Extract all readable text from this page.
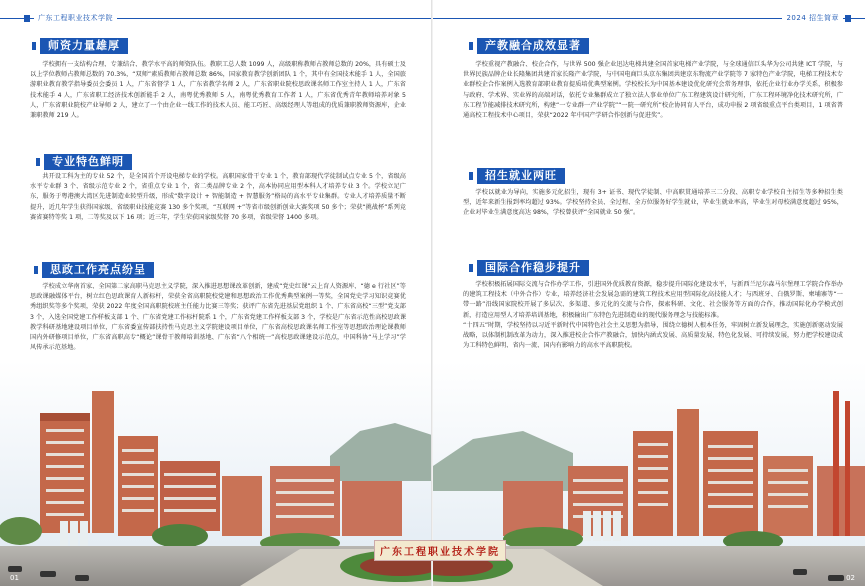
广东工程职业技术学院
师资力量雄厚

学校拥有一支结构合理、专兼结合、教学水平高的师资队伍。教职工总人数 1099 人，高级职称教师占教师总数的 20%，具有硕士及以上学位教师占教师总数的 70.3%，“双师”素质教师占教师总数 86%，国家教育教学创新团队 1 个，其中有全国技术能手 1 人，全国旅游职业教育教学指导委员会委员 1 人，广东省督学 1 人，广东省教学名师 2 人，广东省职业院校思政课名师工作室主持人 1 人，广东省技术能手 4 人，广东省职工经济技术创新能手 2 人，南粤优秀教师 5 人，南粤优秀教育工作者 1 人，广东省优秀青年教师培养对象 5 人，广东省职业院校产业导师 2 人，建立了一个由企业一线工作的技术人员、能工巧匠、高级经理人等组成的优质兼职教师资源库，企业兼职教师 219 人。

专业特色鲜明

共开设工科为主的专业 52 个，是全国首个开设电梯专业的学校。高职国家骨干专业 1 个，教育部现代学徒制试点专业 5 个，省级高水平专业群 3 个、省级示范专业 2 个，省重点专业 1 个，省二类品牌专业 2 个，高本协同应用型本科人才培养专业 3 个。学校立足广东，服务于粤港澳大湾区先进制造业转型升级，形成“数字设计 + 智能制造 + 智慧服务”格局的高水平专业集群。专业人才培养质量不断提升，近几年学生获得国家级、省级职业技能竞赛 130 多个奖项，“互联网 +”等省市级创新创业大赛奖项 50 多个；荣获“挑战杯”系列竞赛省赛特等奖 1 项，二等奖及以下 16 项；近三年，学生荣获国家级奖督 70 多项，省级荣督 1400 多项。

思政工作亮点纷呈

学校成立华南首家、全国第二家高职马克思主义学院，深入推进思想课改革创新，建成“党史红课”云上育人资源库、“德 e 行社区”等思政课融媒体平台，树立红色思政课育人新标杆，荣获全省高职院校党建和思想政治工作优秀典型案例一等奖，全国党史学习知识竞赛优秀组织奖等多个奖项，荣获 2022 年度全国高职院校班主任能力比赛三等奖；获评广东省先进基层党组织 1 个、广东省高校“三型”党支部 3 个，入选全国党建工作样板支部 1 个、广东省党建工作标杆院系 1 个，广东省党建工作样板支部 3 个，学校是广东省示范性高校思政课教学科研基地建设项目单位，广东省委宣传部扶持性马克思主义学院建设项目单位，广东省高校思政课名师工作室等思想政治理论课教师国内外研修项目单位，广东省高职高专“概论”课骨干教师培训基地、广东省“八个相统一”高校思政课建设示范点，中国科协“马上学习”学风传承示范基地。

01
2024 招生简章
产教融合成效显著

学校重视产教融合、校企合作，与世界 500 强企业迅达电梯共建全国首家电梯产业学院，与全球通信巨头华为公司共建 ICT 学院，与世界民族品牌企业长隆集团共建首家长隆产业学院，与中国电商巨头京东集团共建京东物流产业学院等 7 家特色产业学院，电梯工程技术专业群校企合作案例入选教育部职业教育提质培优典型案例。学校校长为中国基本建设优化研究会常务理事，依托企业行业办学关系，积极参与政府、学术界、实业界的高端对话，依托专业集群成立了独立法人事业单位广东工程建筑设计研究所，广东工程环境净化技术研究所，广东工程节能减排技术研究所，构建“一专业群一产业学院”“一院一研究所”校企协同育人平台，成功申报 2 项省级重点平台类项目，1 项省普通高校工程技术中心项目，荣获“2022 年中国产学研合作创新与促进奖”。

招生就业两旺

学校以就业为导向，实施多元化招生，现有 3+ 证书、现代学徒制、中高职贯通培养三二分段、高职专业学校自主招生等多种招生类型，近年来新生报到率均超过 93%。学校坚持全员、全过程、全方位服务好学生就业，毕业生就业率高，毕业生对母校满意度超过 95%，企业对毕业生满意度高达 98%，学校曾获评“全国就业 50 强”。

国际合作稳步提升

学校积极拓展国际交流与合作办学工作，引进国外优质教育资源，稳步提升国际化建设水平，与新西兰尼尔森马尔堡理工学院合作举办的建筑工程技术（中外合作）专业，培养经济社会发展急需的建筑工程技术应用型国际化高技能人才；与西班牙、白俄罗斯、柬埔寨等“一带一路”沿线国家院校开展了多层次、多渠道、多元化的交流与合作，探索科研、文化、社会服务等方面的合作，推动国际化办学模式创新，打造应用型人才培养培训基地，积极输出广东特色先进制造业的现代服务理念与技能标准。
“十四五”时期，学校坚持以习近平新时代中国特色社会主义思想为指导，围绕立德树人根本任务，牢固树立新发展理念，实施创新驱动发展战略，以体制机制改革为动力，深入推进校企合作产教融合，加快内涵式发展、高质量发展、特色化发展、可持续发展，努力把学校建设成为工科特色鲜明、省内一流、国内有影响力的高水平高职院校。

02
广东工程职业技术学院
